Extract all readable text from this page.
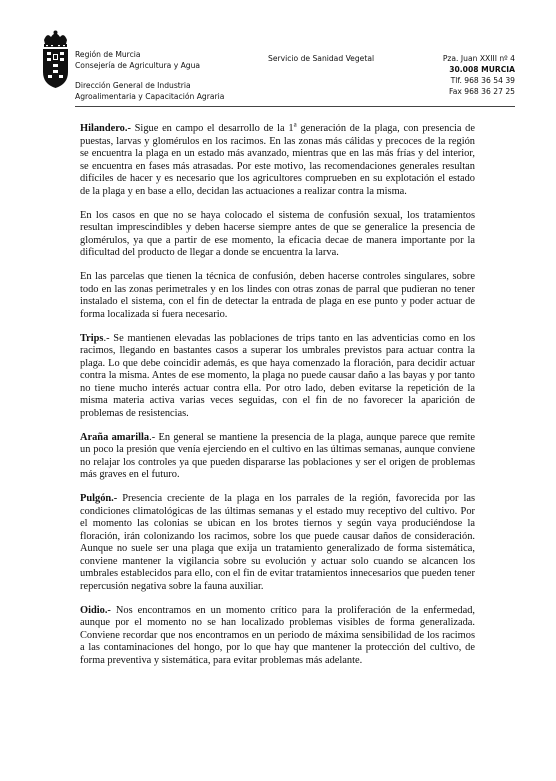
Región de Murcia
Consejería de Agricultura y Agua
Dirección General de Industria
Agroalimentaria y Capacitación Agraria
Servicio de Sanidad Vegetal	Pza. Juan XXIII nº 4
30.008 MURCIA
Tlf. 968 36 54 39
Fax 968 36 27 25

Hilandero.- Sigue en campo el desarrollo de la 1$^a$ generación de la plaga, con presencia de puestas, larvas y glomérulos en los racimos. En las zonas más cálidas y precoces de la región se encuentra la plaga en un estado más avanzado, mientras que en las más frías y del interior, se encuentra en fases más atrasadas. Por este motivo, las recomendaciones generales resultan difíciles de hacer y es necesario que los agricultores comprueben en su explotación el estado de la plaga y en base a ello, decidan las actuaciones a realizar contra la misma.

En los casos en que no se haya colocado el sistema de confusión sexual, los tratamientos resultan imprescindibles y deben hacerse siempre antes de que se generalice la presencia de glomérulos, ya que a partir de ese momento, la eficacia decae de manera importante por la dificultad del producto de llegar a donde se encuentra la larva.

En las parcelas que tienen la técnica de confusión, deben hacerse controles singulares, sobre todo en las zonas perimetrales y en los lindes con otras zonas de parral que pudieran no tener instalado el sistema, con el fin de detectar la entrada de plaga en ese punto y poder actuar de forma localizada si fuera necesario.

Trips.- Se mantienen elevadas las poblaciones de trips tanto en las adventicias como en los racimos, llegando en bastantes casos a superar los umbrales previstos para actuar contra la plaga. Lo que debe coincidir además, es que haya comenzado la floración, para decidir actuar contra la misma. Antes de ese momento, la plaga no puede causar daño a las bayas y por tanto no tiene mucho interés actuar contra ella. Por otro lado, deben evitarse la repetición de la misma materia activa varias veces seguidas, con el fin de no favorecer la aparición de problemas de resistencias.

Araña amarilla.- En general se mantiene la presencia de la plaga, aunque parece que remite un poco la presión que venía ejerciendo en el cultivo en las últimas semanas, aunque conviene no relajar los controles ya que pueden dispararse las poblaciones y ser el origen de problemas más graves en el futuro.

Pulgón.- Presencia creciente de la plaga en los parrales de la región, favorecida por las condiciones climatológicas de las últimas semanas y el estado muy receptivo del cultivo. Por el momento las colonias se ubican en los brotes tiernos y según vaya produciéndose la floración, irán colonizando los racimos, sobre los que puede causar daños de consideración. Aunque no suele ser una plaga que exija un tratamiento generalizado de forma sistemática, conviene mantener la vigilancia sobre su evolución y actuar solo cuando se alcancen los umbrales establecidos para ello, con el fin de evitar tratamientos innecesarios que pueden tener repercusión negativa sobre la fauna auxiliar.

Oidio.- Nos encontramos en un momento crítico para la proliferación de la enfermedad, aunque por el momento no se han localizado problemas visibles de forma generalizada. Conviene recordar que nos encontramos en un periodo de máxima sensibilidad de los racimos a las contaminaciones del hongo, por lo que hay que mantener la protección del cultivo, de forma preventiva y sistemática, para evitar problemas más adelante.
